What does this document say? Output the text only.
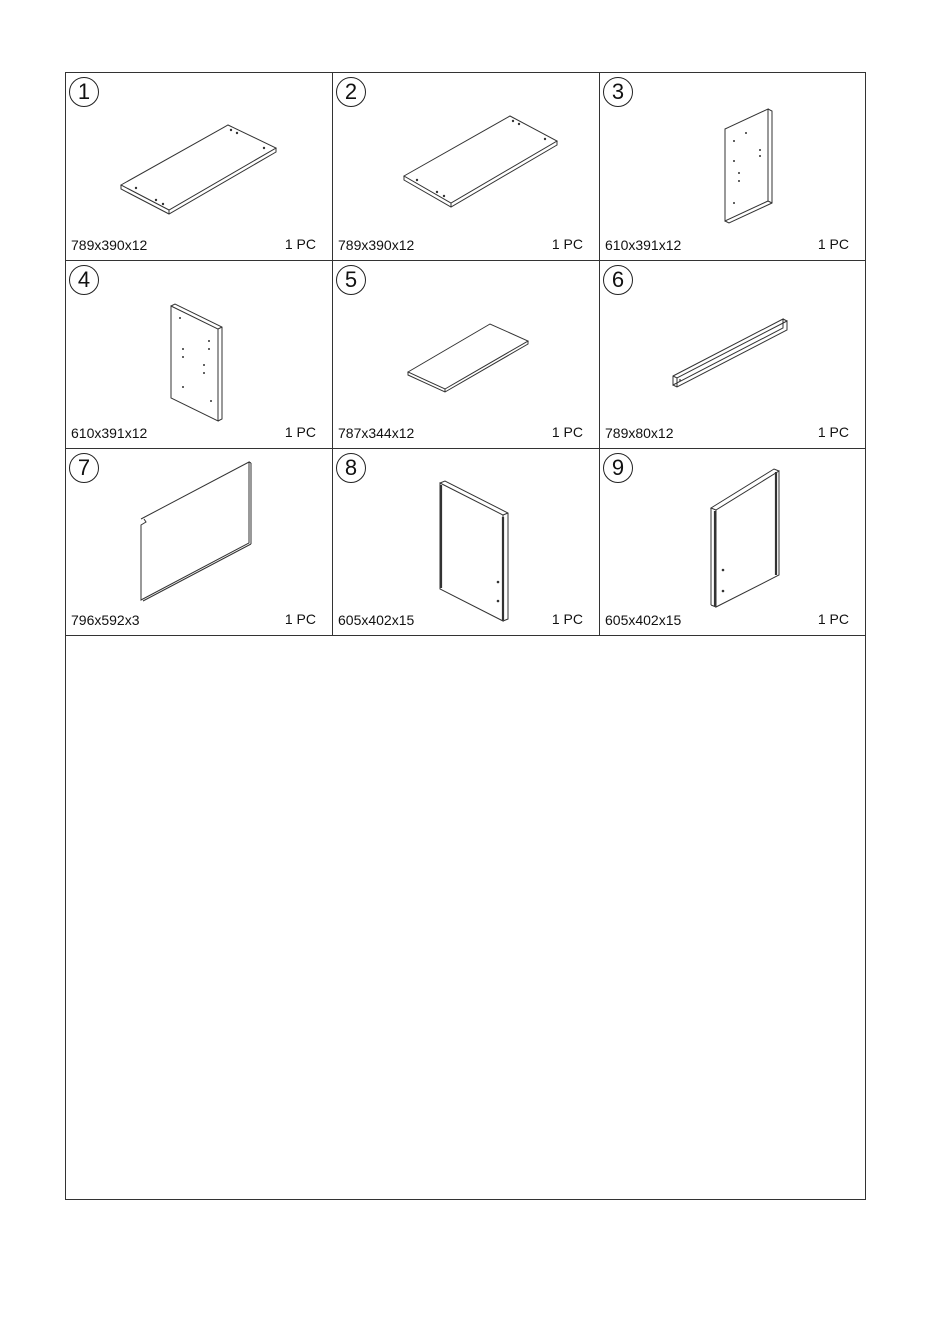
1
789x390x12	1 PC
2
789x390x12	1 PC
3
610x391x12	1 PC
4
610x391x12	1 PC
5
787x344x12	1 PC
6
789x80x12	1 PC
7
796x592x3	1 PC
8
605x402x15	1 PC
9
605x402x15	1 PC
